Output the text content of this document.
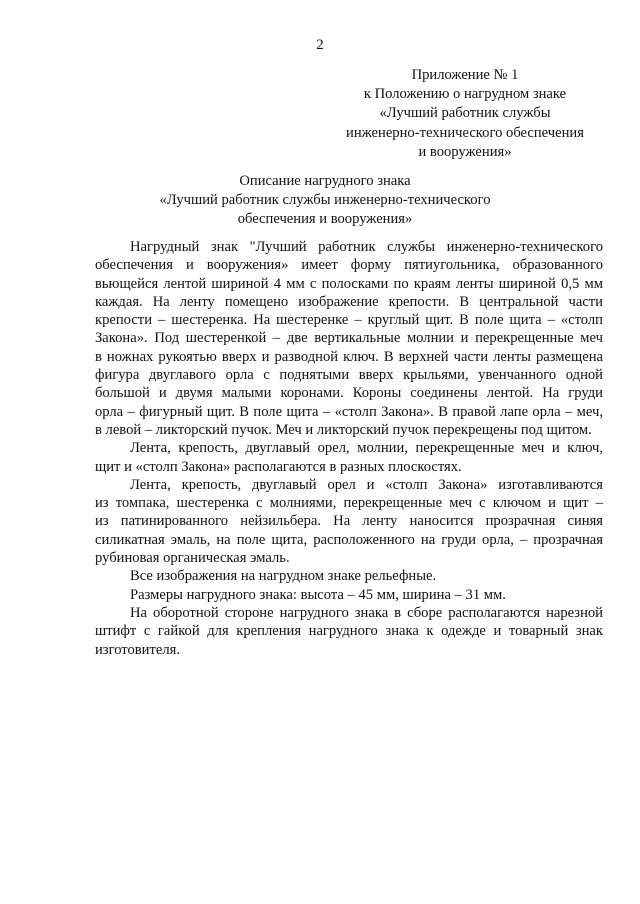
2
Приложение № 1
к Положению о нагрудном знаке
«Лучший работник службы
инженерно-технического обеспечения
и вооружения»
Описание нагрудного знака
«Лучший работник службы инженерно-технического
обеспечения и вооружения»
Нагрудный знак "Лучший работник службы инженерно-технического
обеспечения и вооружения» имеет форму пятиугольника, образованного
вьющейся лентой шириной 4 мм с полосками по краям ленты шириной 0,5 мм
каждая. На ленту помещено изображение крепости. В центральной части
крепости – шестеренка. На шестеренке – круглый щит. В поле щита – «столп
Закона». Под шестеренкой – две вертикальные молнии и перекрещенные меч
в ножнах рукоятью вверх и разводной ключ. В верхней части ленты размещена
фигура двуглавого орла с поднятыми вверх крыльями, увенчанного одной
большой и двумя малыми коронами. Короны соединены лентой. На груди
орла – фигурный щит. В поле щита – «столп Закона». В правой лапе орла – меч,
в левой – ликторский пучок. Меч и ликторский пучок перекрещены под щитом.
Лента, крепость, двуглавый орел, молнии, перекрещенные меч и ключ,
щит и «столп Закона» располагаются в разных плоскостях.
Лента, крепость, двуглавый орел и «столп Закона» изготавливаются
из томпака, шестеренка с молниями, перекрещенные меч с ключом и щит –
из патинированного нейзильбера. На ленту наносится прозрачная синяя
силикатная эмаль, на поле щита, расположенного на груди орла, – прозрачная
рубиновая органическая эмаль.
Все изображения на нагрудном знаке рельефные.
Размеры нагрудного знака: высота – 45 мм, ширина – 31 мм.
На оборотной стороне нагрудного знака в сборе располагаются нарезной
штифт с гайкой для крепления нагрудного знака к одежде и товарный знак
изготовителя.
